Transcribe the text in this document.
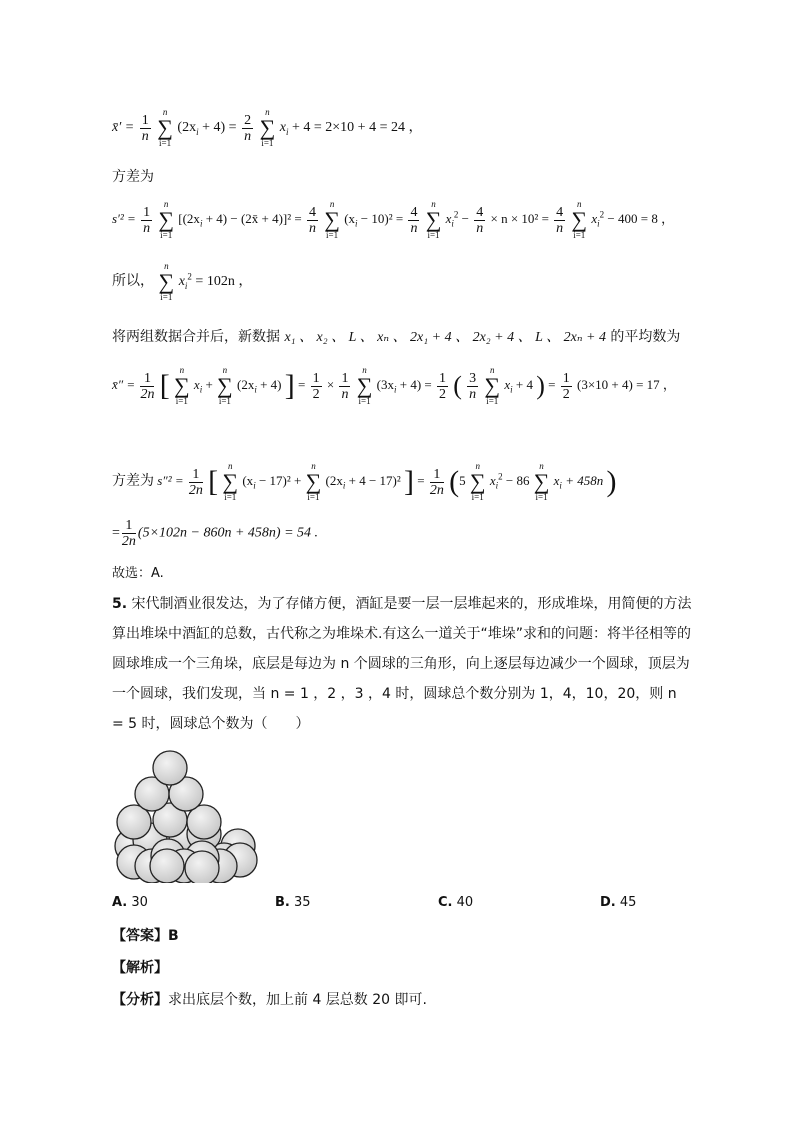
x̄′ = $\frac{1}{n}$

n
∑
i=1
$(2x_i + 4) = \frac{2}{n}$

n
∑
i=1
$x_i + 4 = 2\times 10 + 4 = 24$ ，
方差为
$s'^2 = \frac{1}{n}$

n
∑
i=1
[$(2x_i + 4)$ − (2x̄ + $4)]^2 = \frac{4}{n}$

n
∑
i=1
$(x_i - 10)^2 = \frac{4}{n}$

n
∑
i=1
$x_i^2 - \frac{4}{n} \times n \times 10^2 = \frac{4}{n}$

n
∑
i=1
$x_i^2 - 400 = 8$ ，
所以，
n
∑
i=1
$x_i^2 = 102n$ ，
将两组数据合并后，新数据 x₁ 、 x₂ 、 L 、 xₙ 、 2x₁ + 4 、 2x₂ + 4 、 L 、 2xₙ + 4 的平均数为
x̄″ = $\frac{1}{2n}$ [	n
∑
i=1
$x_i$ +
n
∑
i=1
$(2x_i + 4)$ ] = $\frac{1}{2} \times \frac{1}{n}$

n
∑
i=1
$(3x_i + 4) = \frac{1}{2}$ ( $\frac{3}{n}$

n
∑
i=1
$x_i + 4$ ) = $\frac{1}{2} (3\times 10 + 4) = 17$ ，
方差为 $s''^2 = \frac{1}{2n}$ [	n
∑
i=1
$(x_i - 17)^2$ +
n
∑
i=1
$(2x_i + 4 - 17)^2$ ] = $\frac{1}{2n} (5$
n
∑
i=1
$x_i^2 - 86$
n
∑
i=1
$x_i + 458n$ )
= $\frac{1}{2n} (5\times 102n - 860n + 458n) = 54$ .
故选：A.
5. 宋代制酒业很发达，为了存储方便，酒缸是要一层一层堆起来的，形成堆垛，用简便的方法算出堆垛中酒缸的总数，古代称之为堆垛术.有这么一道关于“堆垛”求和的问题：将半径相等的圆球堆成一个三角垛，底层是每边为 n 个圆球的三角形，向上逐层每边减少一个圆球，顶层为一个圆球，我们发现，当 n = 1 ，2 ，3 ，4 时，圆球总个数分别为 1，4，10，20，则 n = 5 时，圆球总个数为（　　）
A. 30	B. 35	C. 40	D. 45
【答案】B
【解析】
【分析】求出底层个数，加上前 4 层总数 20 即可.
